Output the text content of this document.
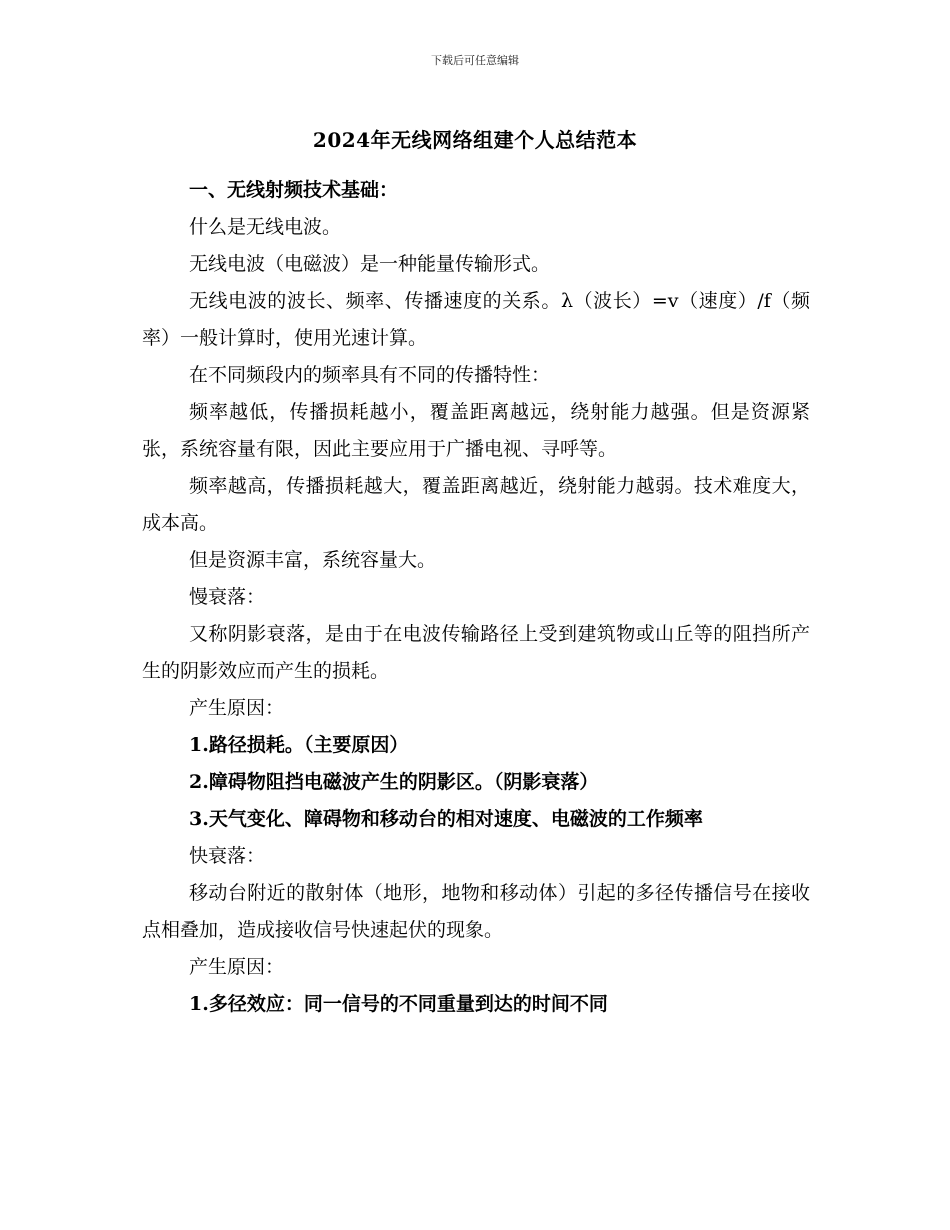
下载后可任意编辑
2024年无线网络组建个人总结范本

一、无线射频技术基础：

什么是无线电波。

无线电波（电磁波）是一种能量传输形式。

无线电波的波长、频率、传播速度的关系。λ（波长）=v（速度）/f（频率）一般计算时，使用光速计算。

在不同频段内的频率具有不同的传播特性：

频率越低，传播损耗越小，覆盖距离越远，绕射能力越强。但是资源紧张，系统容量有限，因此主要应用于广播电视、寻呼等。

频率越高，传播损耗越大，覆盖距离越近，绕射能力越弱。技术难度大，成本高。

但是资源丰富，系统容量大。

慢衰落：

又称阴影衰落，是由于在电波传输路径上受到建筑物或山丘等的阻挡所产生的阴影效应而产生的损耗。

产生原因：

1.路径损耗。（主要原因）

2.障碍物阻挡电磁波产生的阴影区。（阴影衰落）

3.天气变化、障碍物和移动台的相对速度、电磁波的工作频率

快衰落：

移动台附近的散射体（地形，地物和移动体）引起的多径传播信号在接收点相叠加，造成接收信号快速起伏的现象。

产生原因：

1.多径效应：同一信号的不同重量到达的时间不同
